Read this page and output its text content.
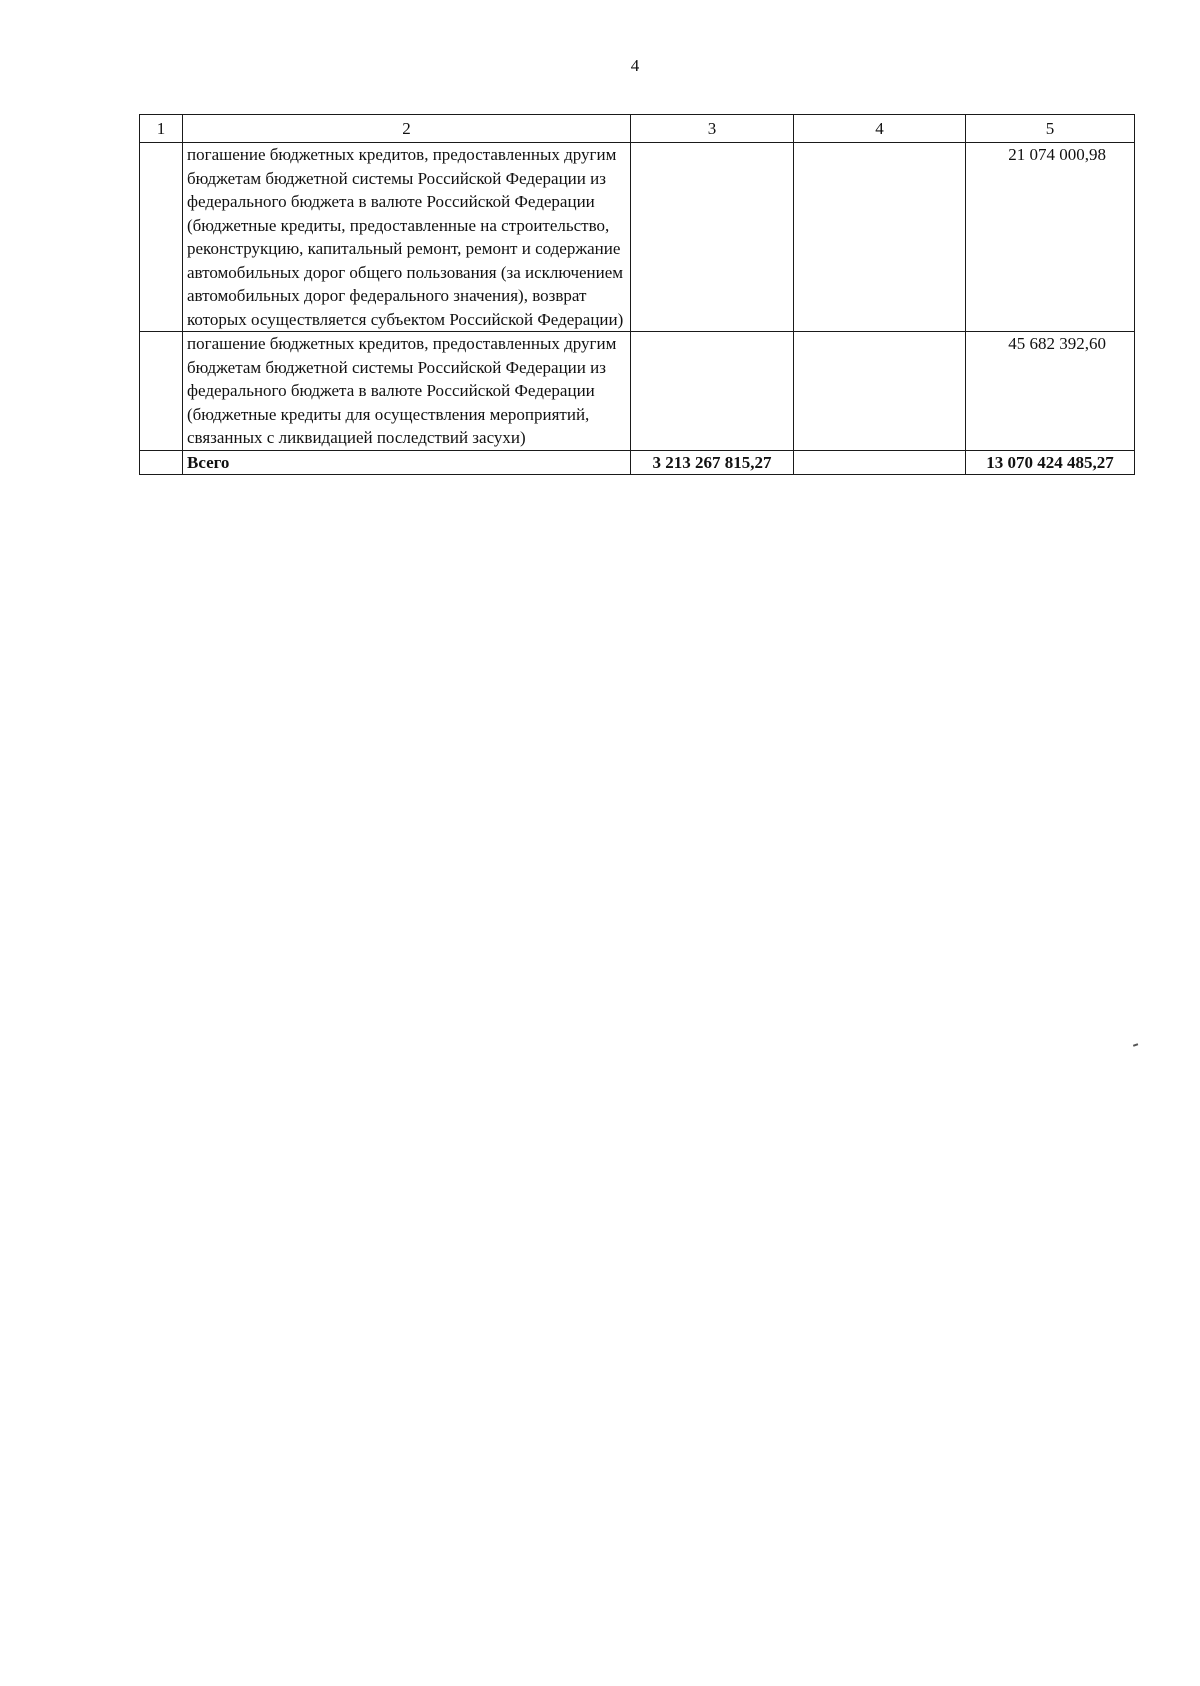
4
1	2	3	4	5
	погашение бюджетных кредитов, предоставленных другим бюджетам бюджетной системы Российской Федерации из федерального бюджета в валюте Российской Федерации (бюджетные кредиты, предоставленные на строительство, реконструкцию, капитальный ремонт, ремонт и содержание автомобильных дорог общего пользования (за исключением автомобильных дорог федерального значения), возврат которых осуществляется субъектом Российской Федерации)			21 074 000,98
	погашение бюджетных кредитов, предоставленных другим бюджетам бюджетной системы Российской Федерации из федерального бюджета в валюте Российской Федерации (бюджетные кредиты для осуществления мероприятий, связанных с ликвидацией последствий засухи)			45 682 392,60
	Всего	3 213 267 815,27		13 070 424 485,27
